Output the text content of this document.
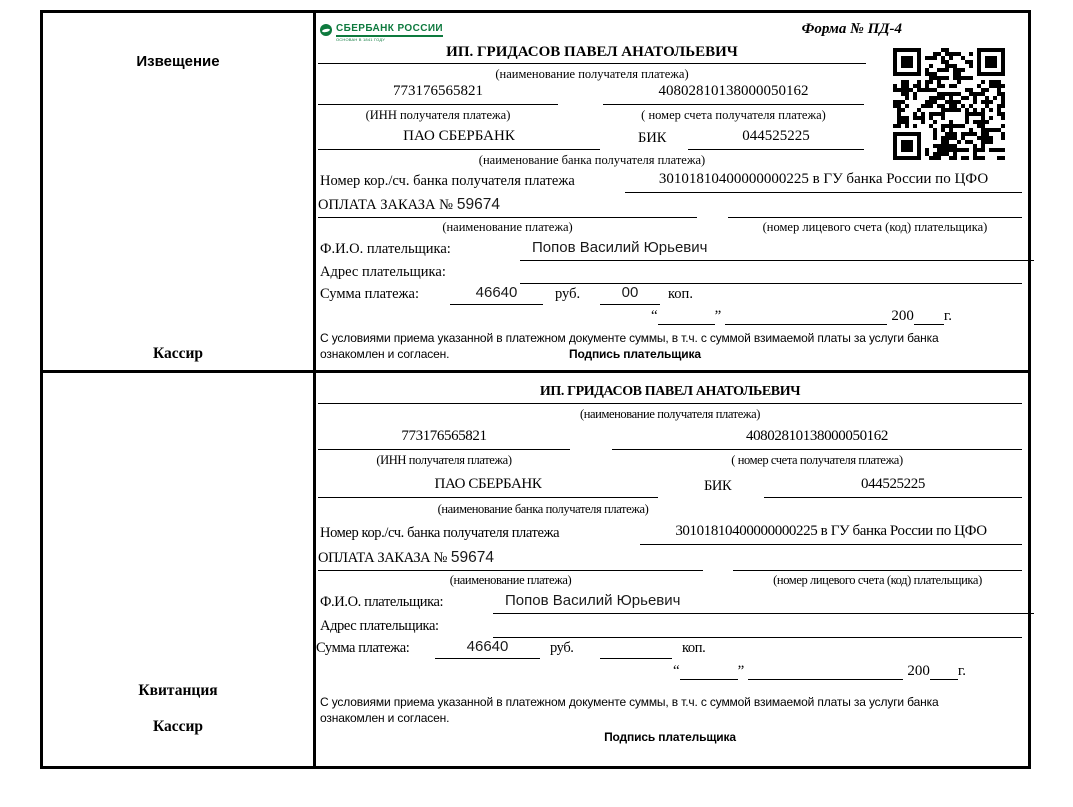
Извещение
Кассир
СБЕРБАНК РОССИИ
ОСНОВАН В 1841 ГОДУ
Форма № ПД-4
ИП. ГРИДАСОВ ПАВЕЛ АНАТОЛЬЕВИЧ
(наименование получателя платежа)
773176565821	40802810138000050162
(ИНН получателя платежа)	( номер счета получателя платежа)
ПАО СБЕРБАНК	БИК	044525225
(наименование банка получателя платежа)
Номер кор./сч. банка получателя платежа	30101810400000000225 в ГУ банка России по ЦФО
ОПЛАТА ЗАКАЗА № 59674
(наименование платежа)	(номер лицевого счета (код) плательщика)
Ф.И.О. плательщика:	Попов Василий Юрьевич
Адрес плательщика:
Сумма платежа:	46640	руб.	00	коп.
“	”	200 г.
С условиями приема указанной в платежном документе суммы, в т.ч. с суммой взимаемой платы за услуги банка
ознакомлен и согласен.	Подпись плательщика
Квитанция
Кассир
ИП. ГРИДАСОВ ПАВЕЛ АНАТОЛЬЕВИЧ
(наименование получателя платежа)
773176565821	40802810138000050162
(ИНН получателя платежа)	( номер счета получателя платежа)
ПАО СБЕРБАНК	БИК	044525225
(наименование банка получателя платежа)
Номер кор./сч. банка получателя платежа	30101810400000000225 в ГУ банка России по ЦФО
ОПЛАТА ЗАКАЗА № 59674
(наименование платежа)	(номер лицевого счета (код) плательщика)
Ф.И.О. плательщика:	Попов Василий Юрьевич
Адрес плательщика:
Сумма платежа:	46640	руб.	коп.
“	”	200 г.
С условиями приема указанной в платежном документе суммы, в т.ч. с суммой взимаемой платы за услуги банка
ознакомлен и согласен.
Подпись плательщика
